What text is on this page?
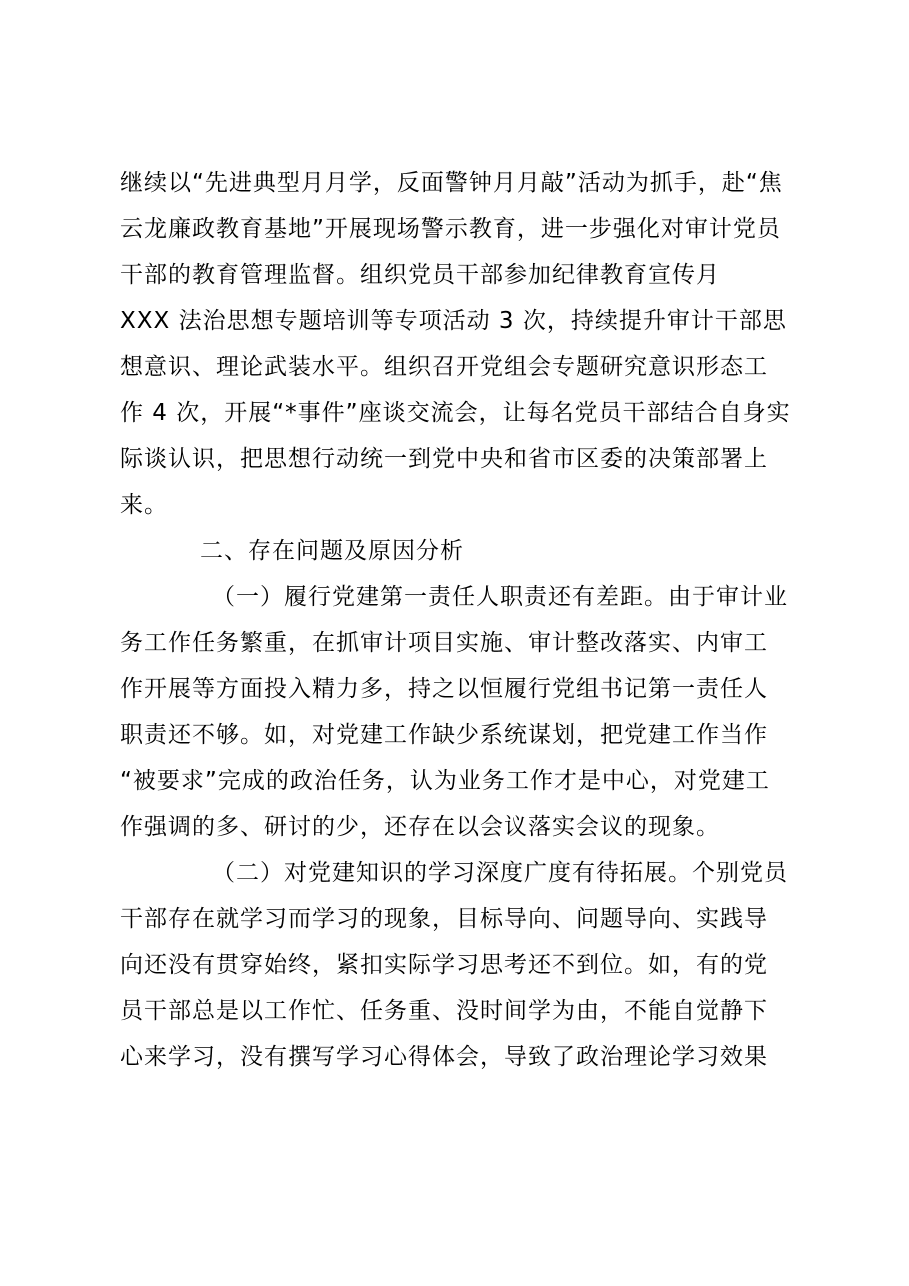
继续以“先进典型月月学，反面警钟月月敲”活动为抓手，赴“焦

云龙廉政教育基地”开展现场警示教育，进一步强化对审计党员

干部的教育管理监督。组织党员干部参加纪律教育宣传月

XXX 法治思想专题培训等专项活动 3 次，持续提升审计干部思

想意识、理论武装水平。组织召开党组会专题研究意识形态工

作 4 次，开展“*事件”座谈交流会，让每名党员干部结合自身实

际谈认识，把思想行动统一到党中央和省市区委的决策部署上

来。

二、存在问题及原因分析

（一）履行党建第一责任人职责还有差距。由于审计业

务工作任务繁重，在抓审计项目实施、审计整改落实、内审工

作开展等方面投入精力多，持之以恒履行党组书记第一责任人

职责还不够。如，对党建工作缺少系统谋划，把党建工作当作

“被要求”完成的政治任务，认为业务工作才是中心，对党建工

作强调的多、研讨的少，还存在以会议落实会议的现象。

（二）对党建知识的学习深度广度有待拓展。个别党员

干部存在就学习而学习的现象，目标导向、问题导向、实践导

向还没有贯穿始终，紧扣实际学习思考还不到位。如，有的党

员干部总是以工作忙、任务重、没时间学为由，不能自觉静下

心来学习，没有撰写学习心得体会，导致了政治理论学习效果
